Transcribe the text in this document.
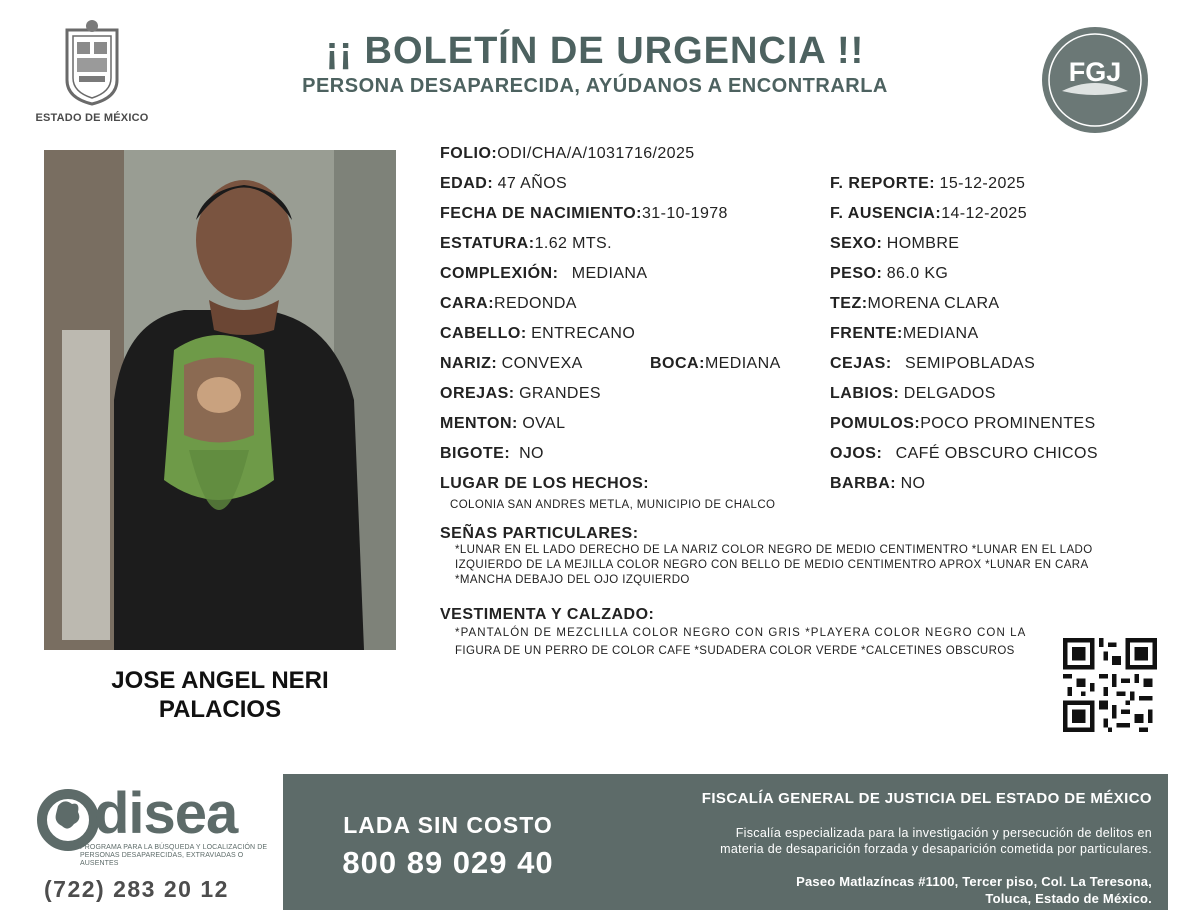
ESTADO DE MÉXICO
¡¡ BOLETÍN DE URGENCIA !!
PERSONA DESAPARECIDA, AYÚDANOS A ENCONTRARLA	FGJ
JOSE ANGEL NERI
PALACIOS
FOLIO:ODI/CHA/A/1031716/2025
EDAD: 47 AÑOS
FECHA DE NACIMIENTO:31-10-1978
ESTATURA:1.62 MTS.
COMPLEXIÓN: MEDIANA
CARA:REDONDA
CABELLO: ENTRECANO
NARIZ: CONVEXA	BOCA:MEDIANA
OREJAS: GRANDES
MENTON: OVAL
BIGOTE: NO
LUGAR DE LOS HECHOS:
COLONIA SAN ANDRES METLA, MUNICIPIO DE CHALCO
F. REPORTE: 15-12-2025
F. AUSENCIA:14-12-2025
SEXO: HOMBRE
PESO: 86.0 KG
TEZ:MORENA CLARA
FRENTE:MEDIANA
CEJAS: SEMIPOBLADAS
LABIOS: DELGADOS
POMULOS:POCO PROMINENTES
OJOS: CAFÉ OBSCURO CHICOS
BARBA: NO
SEÑAS PARTICULARES:
*LUNAR EN EL LADO DERECHO DE LA NARIZ COLOR NEGRO DE MEDIO CENTIMENTRO *LUNAR EN EL LADO
IZQUIERDO DE LA MEJILLA COLOR NEGRO CON BELLO DE MEDIO CENTIMENTRO APROX *LUNAR EN CARA
*MANCHA DEBAJO DEL OJO IZQUIERDO
VESTIMENTA Y CALZADO:
*PANTALÓN DE MEZCLILLA COLOR NEGRO CON GRIS *PLAYERA COLOR NEGRO CON LA
FIGURA DE UN PERRO DE COLOR CAFE *SUDADERA COLOR VERDE *CALCETINES OBSCUROS
disea
PROGRAMA PARA LA BÚSQUEDA Y LOCALIZACIÓN DE PERSONAS DESAPARECIDAS, EXTRAVIADAS O AUSENTES
(722) 283 20 12
LADA SIN COSTO
800 89 029 40
FISCALÍA GENERAL DE JUSTICIA DEL ESTADO DE MÉXICO
Fiscalía especializada para la investigación y persecución de delitos en
materia de desaparición forzada y desaparición cometida por particulares.
Paseo Matlazíncas #1100, Tercer piso, Col. La Teresona,
Toluca, Estado de México.
